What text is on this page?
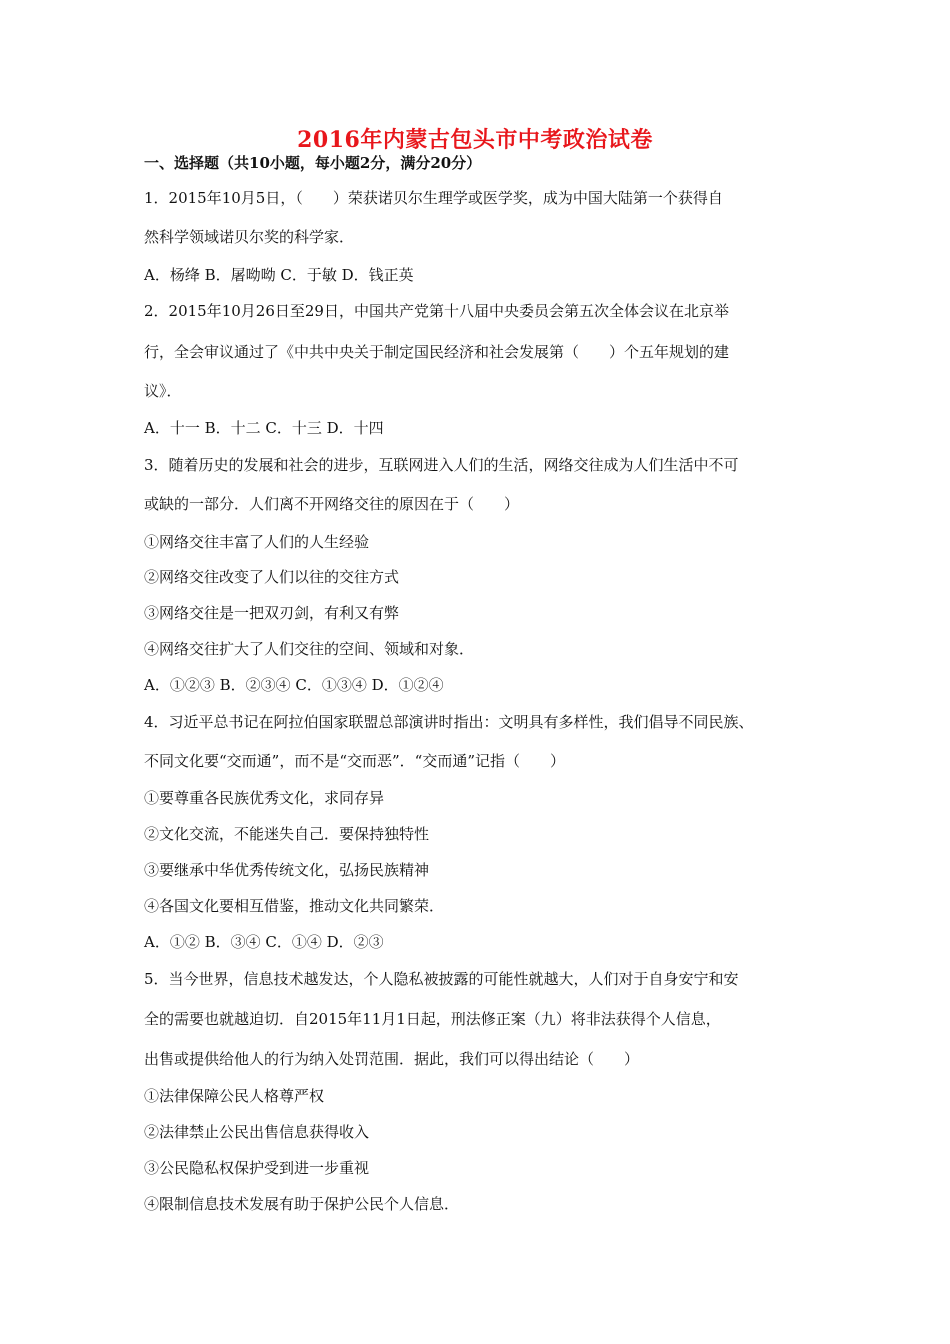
2016年内蒙古包头市中考政治试卷
一、选择题（共10小题，每小题2分，满分20分）
1．2015年10月5日，（　　）荣获诺贝尔生理学或医学奖，成为中国大陆第一个获得自
然科学领域诺贝尔奖的科学家．
A．杨绛 B．屠呦呦 C．于敏 D．钱正英
2．2015年10月26日至29日，中国共产党第十八届中央委员会第五次全体会议在北京举
行，全会审议通过了《中共中央关于制定国民经济和社会发展第（　　）个五年规划的建
议》．
A．十一 B．十二 C．十三 D．十四
3．随着历史的发展和社会的进步，互联网进入人们的生活，网络交往成为人们生活中不可
或缺的一部分．人们离不开网络交往的原因在于（　　）
①网络交往丰富了人们的人生经验
②网络交往改变了人们以往的交往方式
③网络交往是一把双刃剑，有利又有弊
④网络交往扩大了人们交往的空间、领域和对象．
A．①②③ B．②③④ C．①③④ D．①②④
4．习近平总书记在阿拉伯国家联盟总部演讲时指出：文明具有多样性，我们倡导不同民族、
不同文化要“交而通”，而不是“交而恶”．“交而通”记指（　　）
①要尊重各民族优秀文化，求同存异
②文化交流，不能迷失自己．要保持独特性
③要继承中华优秀传统文化，弘扬民族精神
④各国文化要相互借鉴，推动文化共同繁荣．
A．①② B．③④ C．①④ D．②③
5．当今世界，信息技术越发达，个人隐私被披露的可能性就越大，人们对于自身安宁和安
全的需要也就越迫切．自2015年11月1日起，刑法修正案（九）将非法获得个人信息，
出售或提供给他人的行为纳入处罚范围．据此，我们可以得出结论（　　）
①法律保障公民人格尊严权
②法律禁止公民出售信息获得收入
③公民隐私权保护受到进一步重视
④限制信息技术发展有助于保护公民个人信息．
